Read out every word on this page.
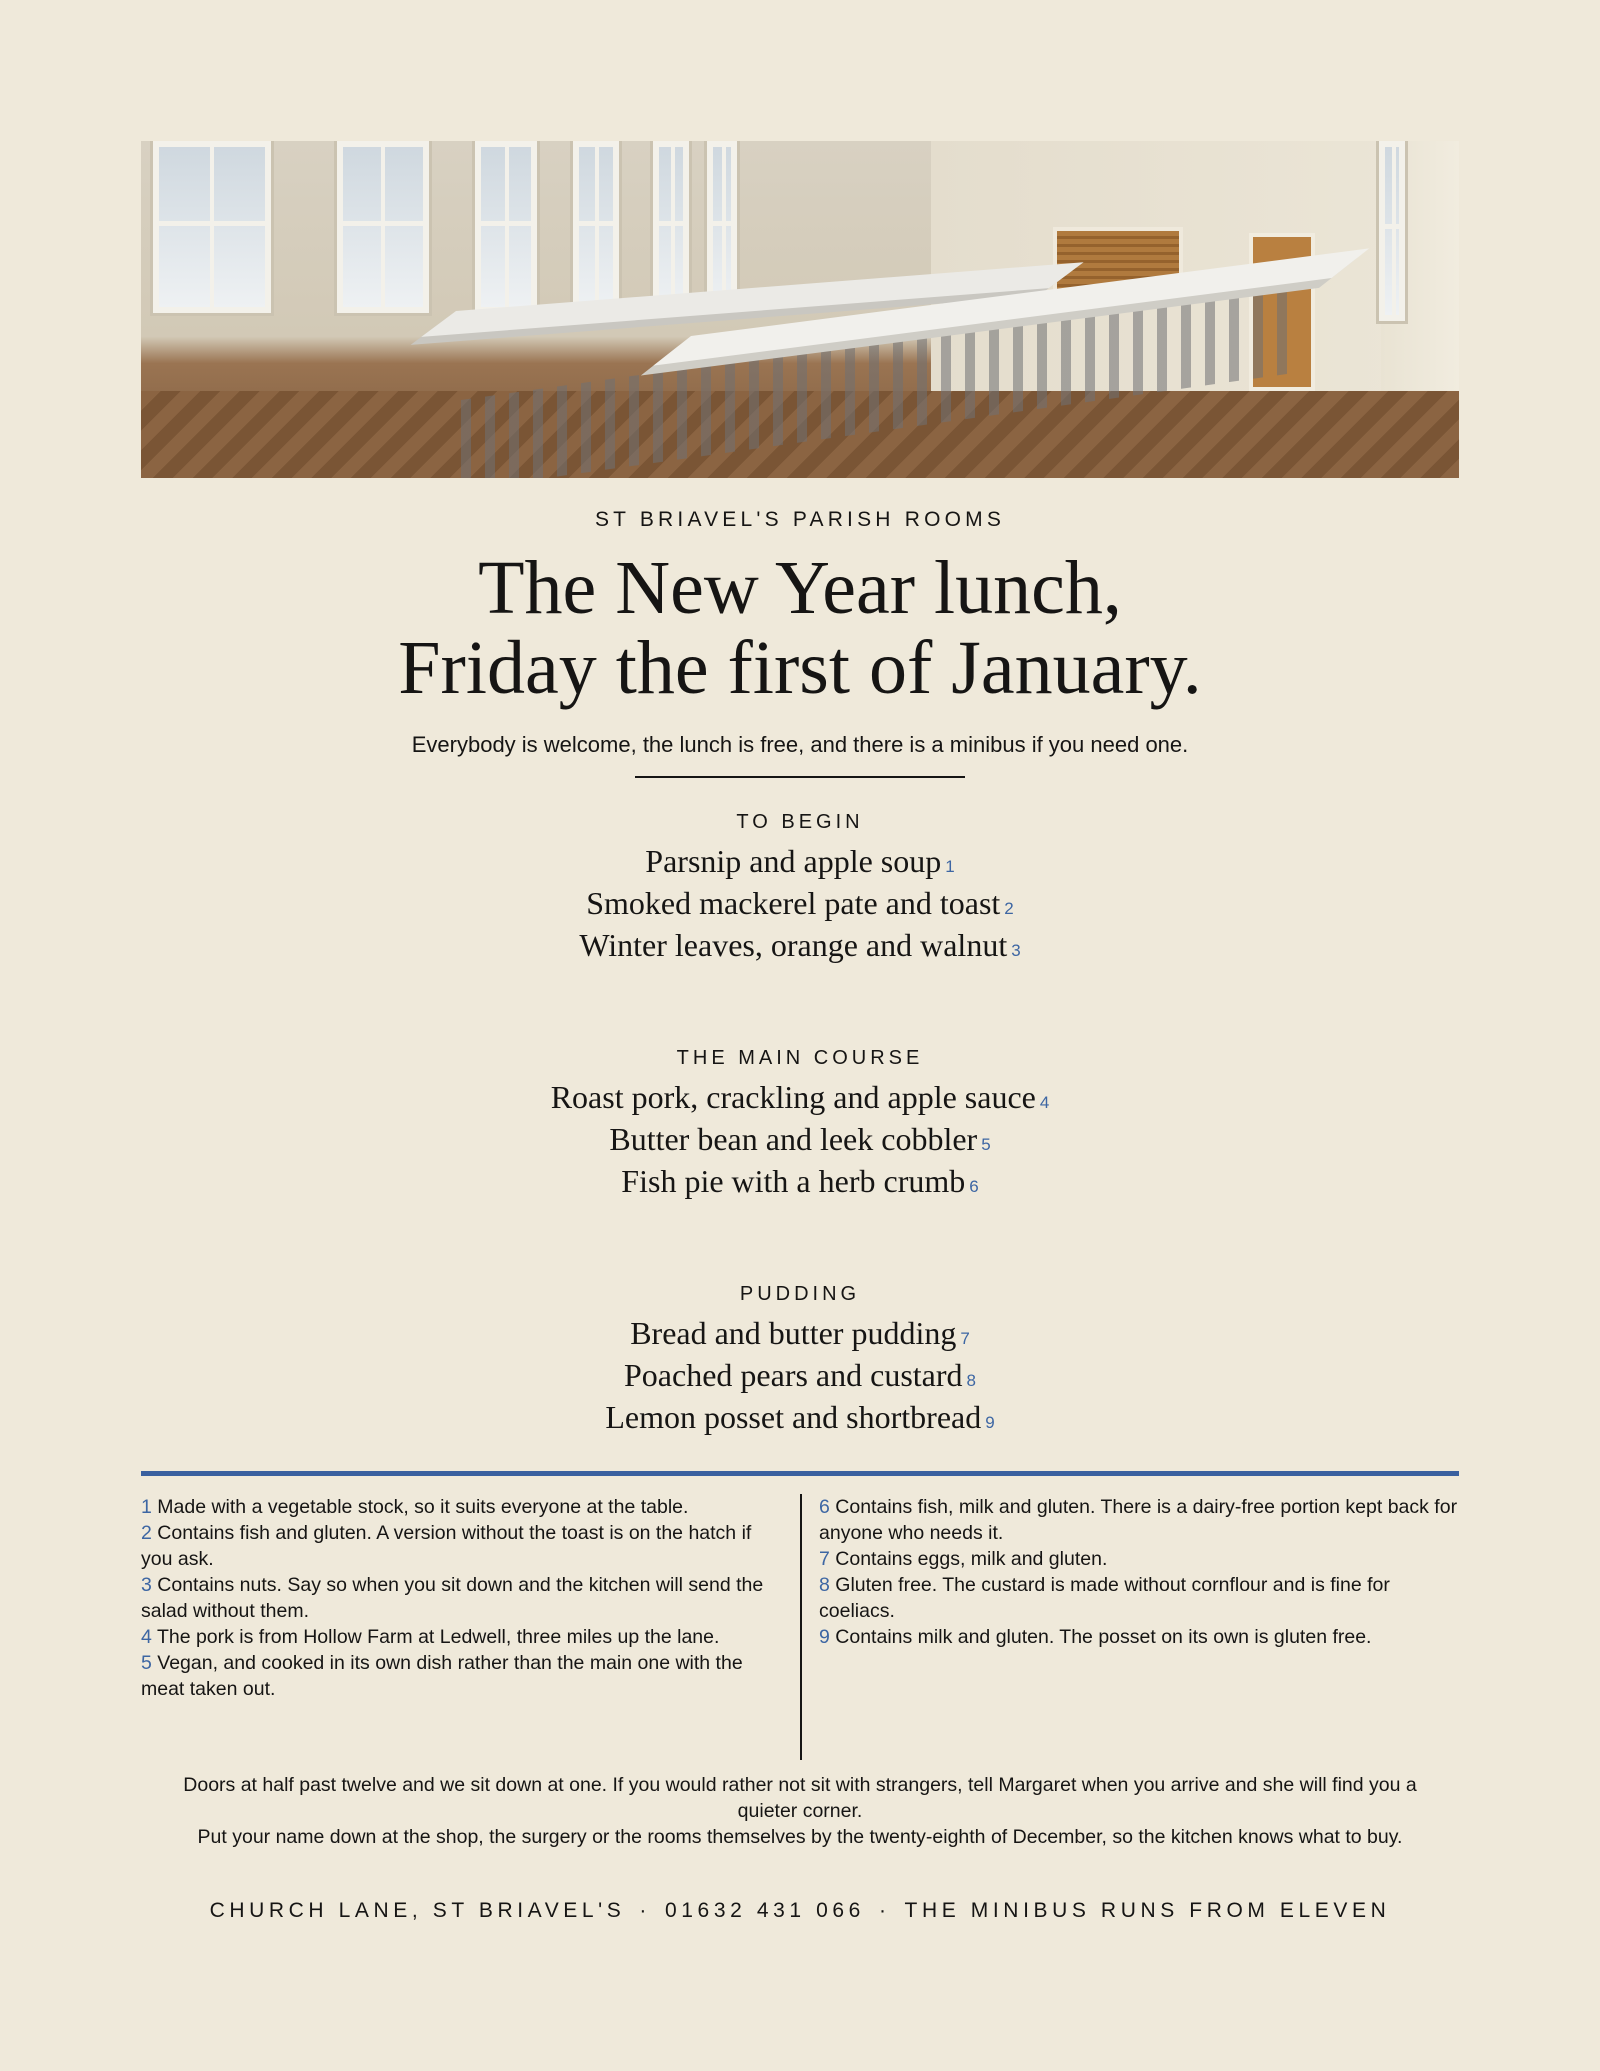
ST BRIAVEL'S PARISH ROOMS
The New Year lunch,
Friday the first of January.
Everybody is welcome, the lunch is free, and there is a minibus if you need one.
TO BEGIN
Parsnip and apple soup 1
Smoked mackerel pate and toast 2
Winter leaves, orange and walnut 3
THE MAIN COURSE
Roast pork, crackling and apple sauce 4
Butter bean and leek cobbler 5
Fish pie with a herb crumb 6
PUDDING
Bread and butter pudding 7
Poached pears and custard 8
Lemon posset and shortbread 9
1 Made with a vegetable stock, so it suits everyone at the table.
2 Contains fish and gluten. A version without the toast is on the hatch if you ask.
3 Contains nuts. Say so when you sit down and the kitchen will send the salad without them.
4 The pork is from Hollow Farm at Ledwell, three miles up the lane.
5 Vegan, and cooked in its own dish rather than the main one with the meat taken out.
6 Contains fish, milk and gluten. There is a dairy-free portion kept back for anyone who needs it.
7 Contains eggs, milk and gluten.
8 Gluten free. The custard is made without cornflour and is fine for coeliacs.
9 Contains milk and gluten. The posset on its own is gluten free.

Doors at half past twelve and we sit down at one. If you would rather not sit with strangers, tell Margaret when you arrive and she will find you a quieter corner.

Put your name down at the shop, the surgery or the rooms themselves by the twenty-eighth of December, so the kitchen knows what to buy.

CHURCH LANE, ST BRIAVEL'S · 01632 431 066 · THE MINIBUS RUNS FROM ELEVEN
